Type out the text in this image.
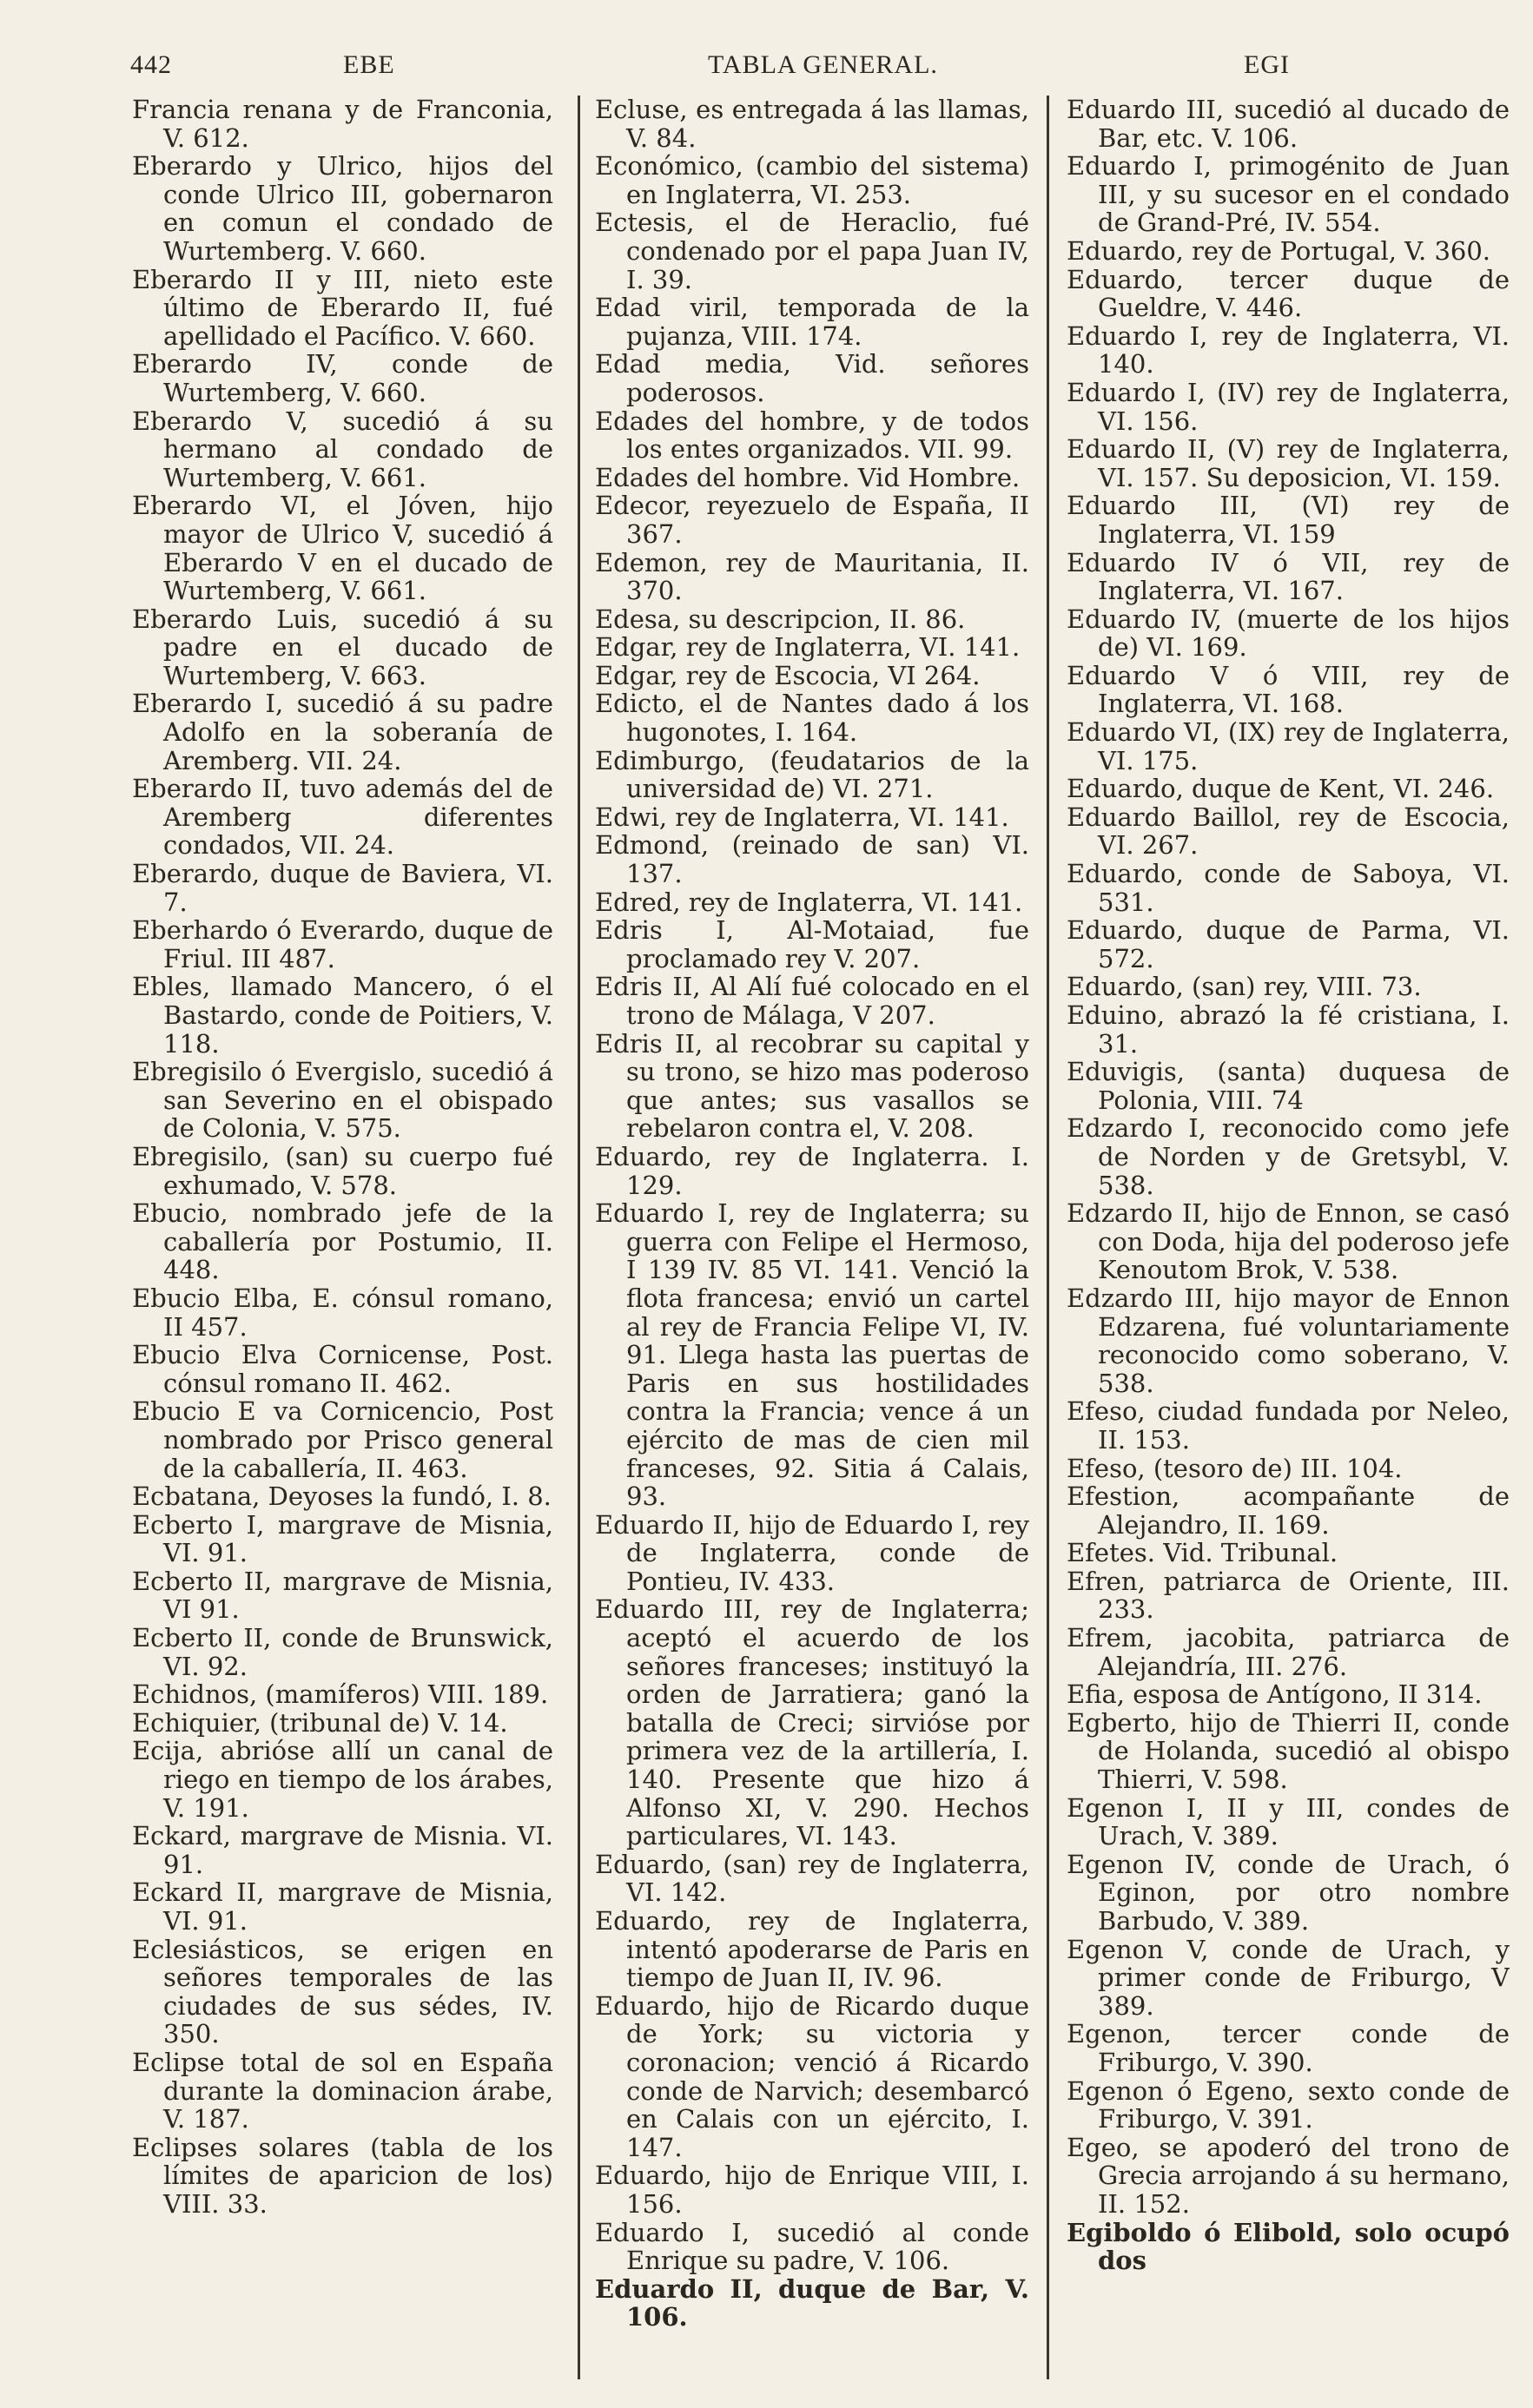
442	EBE	TABLA GENERAL.	EGI

Francia renana y de Franconia, V. 612.

Eberardo y Ulrico, hijos del conde Ulrico III, gobernaron en comun el condado de Wurtemberg. V. 660.

Eberardo II y III, nieto este último de Eberardo II, fué apellidado el Pacífico. V. 660.

Eberardo IV, conde de Wurtemberg, V. 660.

Eberardo V, sucedió á su hermano al condado de Wurtemberg, V. 661.

Eberardo VI, el Jóven, hijo mayor de Ulrico V, sucedió á Eberardo V en el ducado de Wurtemberg, V. 661.

Eberardo Luis, sucedió á su padre en el ducado de Wurtemberg, V. 663.

Eberardo I, sucedió á su padre Adolfo en la soberanía de Aremberg. VII. 24.

Eberardo II, tuvo además del de Aremberg diferentes condados, VII. 24.

Eberardo, duque de Baviera, VI. 7.

Eberhardo ó Everardo, duque de Friul. III 487.

Ebles, llamado Mancero, ó el Bastardo, conde de Poitiers, V. 118.

Ebregisilo ó Evergislo, sucedió á san Severino en el obispado de Colonia, V. 575.

Ebregisilo, (san) su cuerpo fué exhumado, V. 578.

Ebucio, nombrado jefe de la caballería por Postumio, II. 448.

Ebucio Elba, E. cónsul romano, II 457.

Ebucio Elva Cornicense, Post. cónsul romano II. 462.

Ebucio E va Cornicencio, Post nombrado por Prisco general de la caballería, II. 463.

Ecbatana, Deyoses la fundó, I. 8.

Ecberto I, margrave de Misnia, VI. 91.

Ecberto II, margrave de Misnia, VI 91.

Ecberto II, conde de Brunswick, VI. 92.

Echidnos, (mamíferos) VIII. 189.

Echiquier, (tribunal de) V. 14.

Ecija, abrióse allí un canal de riego en tiempo de los árabes, V. 191.

Eckard, margrave de Misnia. VI. 91.

Eckard II, margrave de Misnia, VI. 91.

Eclesiásticos, se erigen en señores temporales de las ciudades de sus sédes, IV. 350.

Eclipse total de sol en España durante la dominacion árabe, V. 187.

Eclipses solares (tabla de los límites de aparicion de los) VIII. 33.

Ecluse, es entregada á las llamas, V. 84.

Económico, (cambio del sistema) en Inglaterra, VI. 253.

Ectesis, el de Heraclio, fué condenado por el papa Juan IV, I. 39.

Edad viril, temporada de la pujanza, VIII. 174.

Edad media, Vid. señores poderosos.

Edades del hombre, y de todos los entes organizados. VII. 99.

Edades del hombre. Vid Hombre.

Edecor, reyezuelo de España, II 367.

Edemon, rey de Mauritania, II. 370.

Edesa, su descripcion, II. 86.

Edgar, rey de Inglaterra, VI. 141.

Edgar, rey de Escocia, VI 264.

Edicto, el de Nantes dado á los hugonotes, I. 164.

Edimburgo, (feudatarios de la universidad de) VI. 271.

Edwi, rey de Inglaterra, VI. 141.

Edmond, (reinado de san) VI. 137.

Edred, rey de Inglaterra, VI. 141.

Edris I, Al-Motaiad, fue proclamado rey V. 207.

Edris II, Al Alí fué colocado en el trono de Málaga, V 207.

Edris II, al recobrar su capital y su trono, se hizo mas poderoso que antes; sus vasallos se rebelaron contra el, V. 208.

Eduardo, rey de Inglaterra. I. 129.

Eduardo I, rey de Inglaterra; su guerra con Felipe el Hermoso, I 139 IV. 85 VI. 141. Venció la flota francesa; envió un cartel al rey de Francia Felipe VI, IV. 91. Llega hasta las puertas de Paris en sus hostilidades contra la Francia; vence á un ejército de mas de cien mil franceses, 92. Sitia á Calais, 93.

Eduardo II, hijo de Eduardo I, rey de Inglaterra, conde de Pontieu, IV. 433.

Eduardo III, rey de Inglaterra; aceptó el acuerdo de los señores franceses; instituyó la orden de Jarratiera; ganó la batalla de Creci; sirvióse por primera vez de la artillería, I. 140. Presente que hizo á Alfonso XI, V. 290. Hechos particulares, VI. 143.

Eduardo, (san) rey de Inglaterra, VI. 142.

Eduardo, rey de Inglaterra, intentó apoderarse de Paris en tiempo de Juan II, IV. 96.

Eduardo, hijo de Ricardo duque de York; su victoria y coronacion; venció á Ricardo conde de Narvich; desembarcó en Calais con un ejército, I. 147.

Eduardo, hijo de Enrique VIII, I. 156.

Eduardo I, sucedió al conde Enrique su padre, V. 106.

Eduardo II, duque de Bar, V. 106.

Eduardo III, sucedió al ducado de Bar, etc. V. 106.

Eduardo I, primogénito de Juan III, y su sucesor en el condado de Grand-Pré, IV. 554.

Eduardo, rey de Portugal, V. 360.

Eduardo, tercer duque de Gueldre, V. 446.

Eduardo I, rey de Inglaterra, VI. 140.

Eduardo I, (IV) rey de Inglaterra, VI. 156.

Eduardo II, (V) rey de Inglaterra, VI. 157. Su deposicion, VI. 159.

Eduardo III, (VI) rey de Inglaterra, VI. 159

Eduardo IV ó VII, rey de Inglaterra, VI. 167.

Eduardo IV, (muerte de los hijos de) VI. 169.

Eduardo V ó VIII, rey de Inglaterra, VI. 168.

Eduardo VI, (IX) rey de Inglaterra, VI. 175.

Eduardo, duque de Kent, VI. 246.

Eduardo Baillol, rey de Escocia, VI. 267.

Eduardo, conde de Saboya, VI. 531.

Eduardo, duque de Parma, VI. 572.

Eduardo, (san) rey, VIII. 73.

Eduino, abrazó la fé cristiana, I. 31.

Eduvigis, (santa) duquesa de Polonia, VIII. 74

Edzardo I, reconocido como jefe de Norden y de Gretsybl, V. 538.

Edzardo II, hijo de Ennon, se casó con Doda, hija del poderoso jefe Kenoutom Brok, V. 538.

Edzardo III, hijo mayor de Ennon Edzarena, fué voluntariamente reconocido como soberano, V. 538.

Efeso, ciudad fundada por Neleo, II. 153.

Efeso, (tesoro de) III. 104.

Efestion, acompañante de Alejandro, II. 169.

Efetes. Vid. Tribunal.

Efren, patriarca de Oriente, III. 233.

Efrem, jacobita, patriarca de Alejandría, III. 276.

Efia, esposa de Antígono, II 314.

Egberto, hijo de Thierri II, conde de Holanda, sucedió al obispo Thierri, V. 598.

Egenon I, II y III, condes de Urach, V. 389.

Egenon IV, conde de Urach, ó Eginon, por otro nombre Barbudo, V. 389.

Egenon V, conde de Urach, y primer conde de Friburgo, V 389.

Egenon, tercer conde de Friburgo, V. 390.

Egenon ó Egeno, sexto conde de Friburgo, V. 391.

Egeo, se apoderó del trono de Grecia arrojando á su hermano, II. 152.

Egiboldo ó Elibold, solo ocupó dos
